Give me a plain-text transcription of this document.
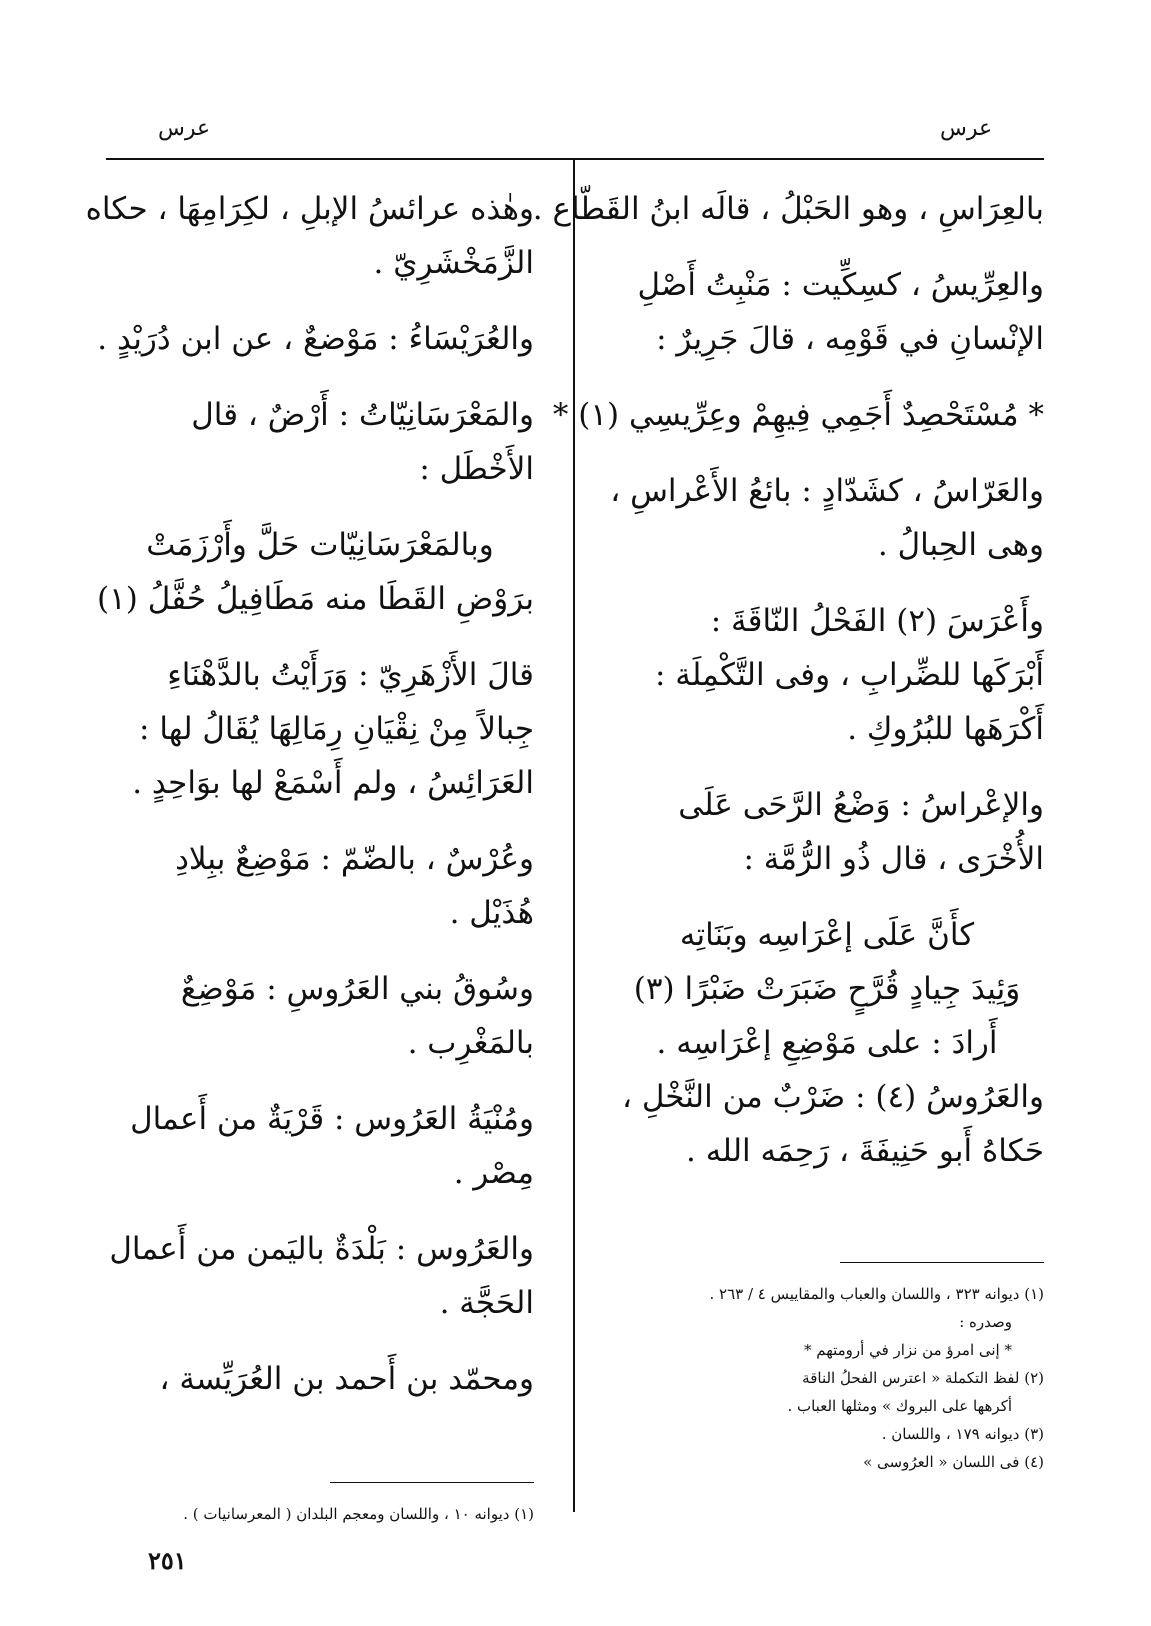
عرس
عرس
بالعِرَاسِ ، وهو الحَبْلُ ، قالَه ابنُ القَطّاع .
والعِرِّيسُ ، كسِكِّيت : مَنْبِتُ أَصْلِ
الإنْسانِ في قَوْمِه ، قالَ جَرِيرٌ :
* مُسْتَحْصِدٌ أَجَمِي فِيهِمْ وعِرِّيسِي (١) *
والعَرّاسُ ، كشَدّادٍ : بائعُ الأَعْراسِ ،
وهى الحِبالُ .
وأَعْرَسَ (٢) الفَحْلُ النّاقَةَ :
أَبْرَكَها للضِّرابِ ، وفى التَّكْمِلَة :
أَكْرَهَها للبُرُوكِ .
والإعْراسُ : وَضْعُ الرَّحَى عَلَى
الأُخْرَى ، قال ذُو الرُّمَّة :
كأَنَّ عَلَى إعْرَاسِه وبَنَاتِه
وَئِيدَ جِيادٍ قُرَّحٍ ضَبَرَتْ ضَبْرًا (٣)
أَرادَ : على مَوْضِعِ إعْرَاسِه .
والعَرُوسُ (٤) : ضَرْبٌ من النَّخْلِ ،
حَكاهُ أَبو حَنِيفَةَ ، رَحِمَه الله .
(١) ديوانه ٣٢٣ ، واللسان والعباب والمقاييس ٤ / ٢٦٣ .
وصدره :
* إنى امرؤ من نزار في أرومتهم *
(٢) لفظ التكملة « اعترس الفحلُ الناقة
أكرهها على البروك » ومثلها العباب .
(٣) ديوانه ١٧٩ ، واللسان .
(٤) فى اللسان « العرُوسى »
وهٰذه عرائسُ الإبلِ ، لكِرَامِهَا ، حكاه
الزَّمَخْشَرِيّ .
والعُرَيْسَاءُ : مَوْضعٌ ، عن ابن دُرَيْدٍ .
والمَعْرَسَانِيّاتُ : أَرْضٌ ، قال
الأَخْطَل :
وبالمَعْرَسَانِيّات حَلَّ وأَرْزَمَتْ
برَوْضِ القَطَا منه مَطَافِيلُ حُفَّلُ (١)
قالَ الأَزْهَرِيّ : وَرَأَيْتُ بالدَّهْنَاءِ
جِبالاً مِنْ نِقْيَانِ رِمَالِهَا يُقَالُ لها :
العَرَائِسُ ، ولم أَسْمَعْ لها بوَاحِدٍ .
وعُرْسٌ ، بالضّمّ : مَوْضِعٌ ببِلادِ
هُذَيْل .
وسُوقُ بني العَرُوسِ : مَوْضِعٌ
بالمَغْرِب .
ومُنْيَةُ العَرُوس : قَرْيَةٌ من أَعمال
مِصْر .
والعَرُوس : بَلْدَةٌ باليَمن من أَعمال
الحَجَّة .
ومحمّد بن أَحمد بن العُرَيِّسة ،
(١) ديوانه ١٠ ، واللسان ومعجم البلدان ( المعرسانيات ) .
٢٥١
